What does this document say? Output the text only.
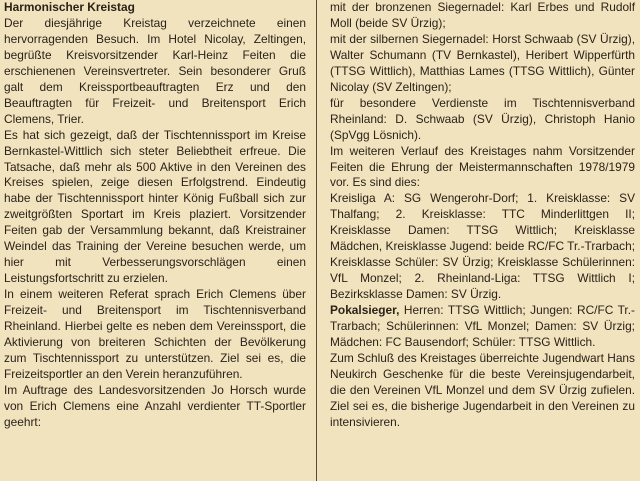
Harmonischer Kreistag

Der diesjährige Kreistag verzeichnete einen hervorragenden Besuch. Im Hotel Nicolay, Zeltingen, begrüßte Kreisvorsitzender Karl-Heinz Feiten die erschienenen Vereinsvertreter. Sein besonderer Gruß galt dem Kreissportbeauftragten Erz und den Beauftragten für Freizeit- und Breitensport Erich Clemens, Trier.

Es hat sich gezeigt, daß der Tischtennissport im Kreise Bernkastel-Wittlich sich steter Beliebtheit erfreue. Die Tatsache, daß mehr als 500 Aktive in den Vereinen des Kreises spielen, zeige diesen Erfolgstrend. Eindeutig habe der Tischtennissport hinter König Fußball sich zur zweitgrößten Sportart im Kreis plaziert. Vorsitzender Feiten gab der Versammlung bekannt, daß Kreistrainer Weindel das Training der Vereine besuchen werde, um hier mit Verbesserungsvorschlägen einen Leistungsfortschritt zu erzielen.

In einem weiteren Referat sprach Erich Clemens über Freizeit- und Breitensport im Tischtennisverband Rheinland. Hierbei gelte es neben dem Vereinssport, die Aktivierung von breiteren Schichten der Bevölkerung zum Tischtennissport zu unterstützen. Ziel sei es, die Freizeitsportler an den Verein heranzuführen.

Im Auftrage des Landesvorsitzenden Jo Horsch wurde von Erich Clemens eine Anzahl verdienter TT-Sportler geehrt:

mit der bronzenen Siegernadel: Karl Erbes und Rudolf Moll (beide SV Ürzig);

mit der silbernen Siegernadel: Horst Schwaab (SV Ürzig), Walter Schumann (TV Bernkastel), Heribert Wipperfürth (TTSG Wittlich), Matthias Lames (TTSG Wittlich), Günter Nicolay (SV Zeltingen);

für besondere Verdienste im Tischtennisverband Rheinland: D. Schwaab (SV Ürzig), Christoph Hanio (SpVgg Lösnich).

Im weiteren Verlauf des Kreistages nahm Vorsitzender Feiten die Ehrung der Meistermannschaften 1978/1979 vor. Es sind dies:

Kreisliga A: SG Wengerohr-Dorf; 1. Kreisklasse: SV Thalfang; 2. Kreisklasse: TTC Minderlittgen II; Kreisklasse Damen: TTSG Wittlich; Kreisklasse Mädchen, Kreisklasse Jugend: beide RC/FC Tr.-Trarbach; Kreisklasse Schüler: SV Ürzig; Kreisklasse Schülerinnen: VfL Monzel; 2. Rheinland-Liga: TTSG Wittlich I; Bezirksklasse Damen: SV Ürzig.

Pokalsieger, Herren: TTSG Wittlich; Jungen: RC/FC Tr.-Trarbach; Schülerinnen: VfL Monzel; Damen: SV Ürzig; Mädchen: FC Bausendorf; Schüler: TTSG Wittlich.

Zum Schluß des Kreistages überreichte Jugendwart Hans Neukirch Geschenke für die beste Vereinsjugendarbeit, die den Vereinen VfL Monzel und dem SV Ürzig zufielen. Ziel sei es, die bisherige Jugendarbeit in den Vereinen zu intensivieren.
